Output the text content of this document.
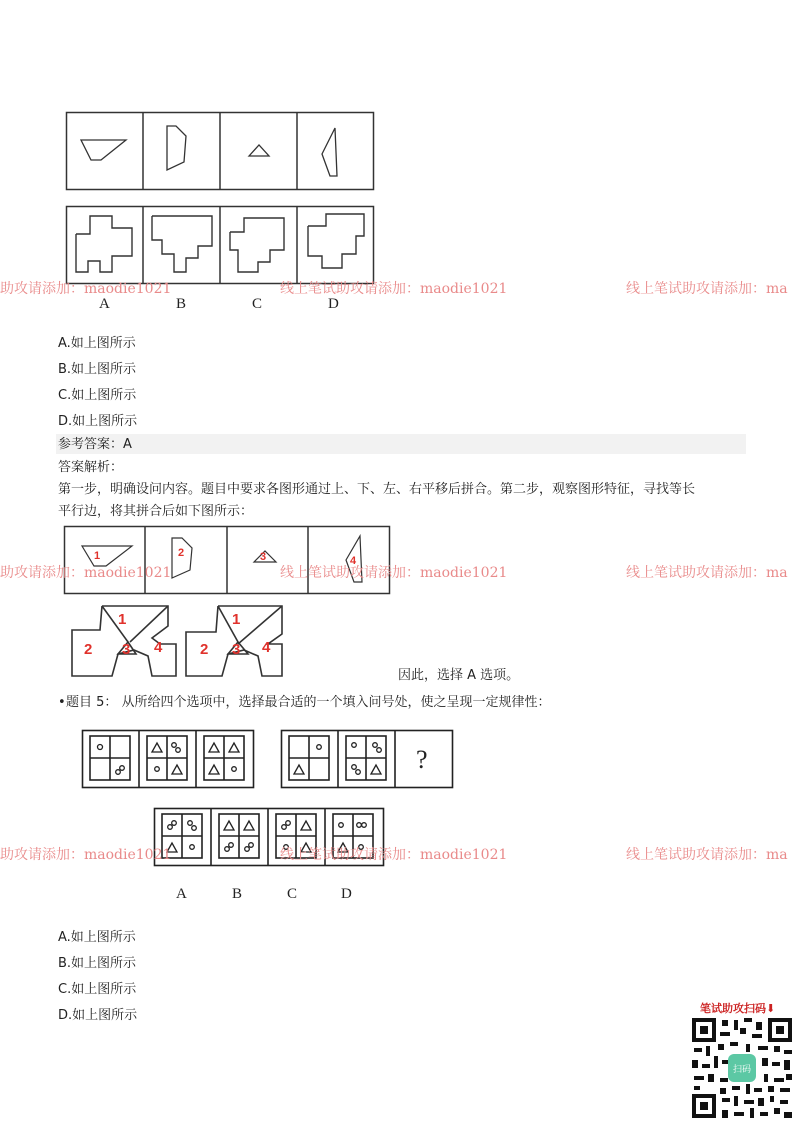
A	B	C	D
助攻请添加：maodie1021	线上笔试助攻请添加：maodie1021	线上笔试助攻请添加：ma
A.如上图所示
B.如上图所示
C.如上图所示
D.如上图所示
参考答案：A
答案解析：
第一步，明确设问内容。题目中要求各图形通过上、下、左、右平移后拼合。第二步，观察图形特征，寻找等长
平行边，将其拼合后如下图所示：
1	2	3	4
助攻请添加：maodie1021	线上笔试助攻请添加：maodie1021	线上笔试助攻请添加：ma
1
2 3 4
1
2 3 4
因此，选择 A 选项。
• 题目 5： 从所给四个选项中，选择最合适的一个填入问号处，使之呈现一定规律性：
?
助攻请添加：maodie1021	线上笔试助攻请添加：maodie1021	线上笔试助攻请添加：ma
A	B	C	D
A.如上图所示
B.如上图所示
C.如上图所示
D.如上图所示	笔试助攻扫码⬇
扫码
